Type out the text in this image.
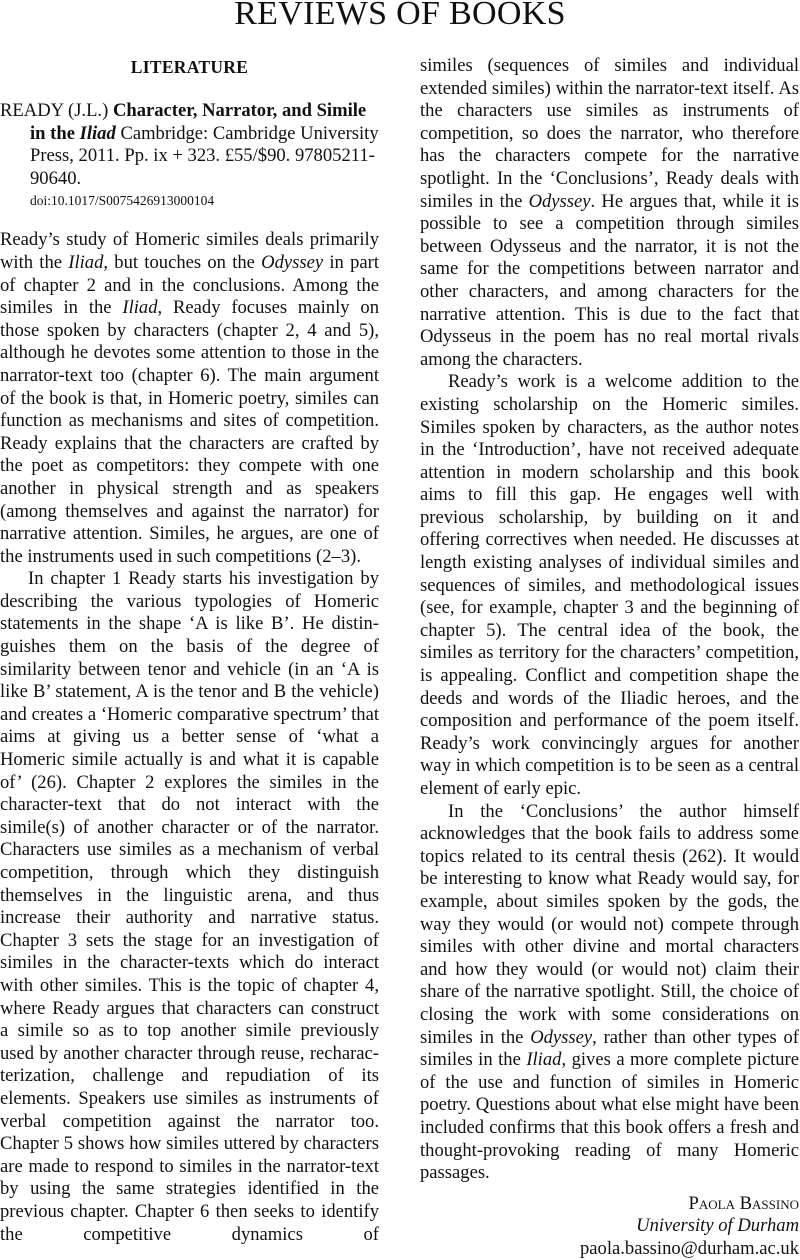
REVIEWS OF BOOKS
LITERATURE

READY (J.L.) Character, Narrator, and Simile in the Iliad Cambridge: Cambridge University Press, 2011. Pp. ix + 323. £55/$90. 97805211-90640.

doi:10.1017/S0075426913000104

Ready’s study of Homeric similes deals primarily with the Iliad, but touches on the Odyssey in part of chapter 2 and in the conclusions. Among the similes in the Iliad, Ready focuses mainly on those spoken by characters (chapter 2, 4 and 5), although he devotes some attention to those in the narrator-text too (chapter 6). The main argument of the book is that, in Homeric poetry, similes can function as mechanisms and sites of competition. Ready explains that the characters are crafted by the poet as competitors: they compete with one another in physical strength and as speakers (among themselves and against the narrator) for narrative attention. Similes, he argues, are one of the instruments used in such competitions (2–3).

In chapter 1 Ready starts his investigation by describing the various typologies of Homeric statements in the shape ‘A is like B’. He distinguishes them on the basis of the degree of similarity between tenor and vehicle (in an ‘A is like B’ statement, A is the tenor and B the vehicle) and creates a ‘Homeric comparative spectrum’ that aims at giving us a better sense of ‘what a Homeric simile actually is and what it is capable of’ (26). Chapter 2 explores the similes in the character-text that do not interact with the simile(s) of another character or of the narrator. Characters use similes as a mechanism of verbal competition, through which they distinguish themselves in the linguistic arena, and thus increase their authority and narrative status. Chapter 3 sets the stage for an investigation of similes in the character-texts which do interact with other similes. This is the topic of chapter 4, where Ready argues that characters can construct a simile so as to top another simile previously used by another character through reuse, recharacterization, challenge and repudiation of its elements. Speakers use similes as instruments of verbal competition against the narrator too. Chapter 5 shows how similes uttered by characters are made to respond to similes in the narrator-text by using the same strategies identified in the previous chapter. Chapter 6 then seeks to identify the competitive dynamics of

similes (sequences of similes and individual extended similes) within the narrator-text itself. As the characters use similes as instruments of competition, so does the narrator, who therefore has the characters compete for the narrative spotlight. In the ‘Conclusions’, Ready deals with similes in the Odyssey. He argues that, while it is possible to see a competition through similes between Odysseus and the narrator, it is not the same for the competitions between narrator and other characters, and among characters for the narrative attention. This is due to the fact that Odysseus in the poem has no real mortal rivals among the characters.

Ready’s work is a welcome addition to the existing scholarship on the Homeric similes. Similes spoken by characters, as the author notes in the ‘Introduction’, have not received adequate attention in modern scholarship and this book aims to fill this gap. He engages well with previous scholarship, by building on it and offering correctives when needed. He discusses at length existing analyses of individual similes and sequences of similes, and methodological issues (see, for example, chapter 3 and the beginning of chapter 5). The central idea of the book, the similes as territory for the characters’ competition, is appealing. Conflict and competition shape the deeds and words of the Iliadic heroes, and the composition and performance of the poem itself. Ready’s work convincingly argues for another way in which competition is to be seen as a central element of early epic.

In the ‘Conclusions’ the author himself acknowledges that the book fails to address some topics related to its central thesis (262). It would be interesting to know what Ready would say, for example, about similes spoken by the gods, the way they would (or would not) compete through similes with other divine and mortal characters and how they would (or would not) claim their share of the narrative spotlight. Still, the choice of closing the work with some considerations on similes in the Odyssey, rather than other types of similes in the Iliad, gives a more complete picture of the use and function of similes in Homeric poetry. Questions about what else might have been included confirms that this book offers a fresh and thought-provoking reading of many Homeric passages.

Paola Bassino
University of Durham
paola.bassino@durham.ac.uk
